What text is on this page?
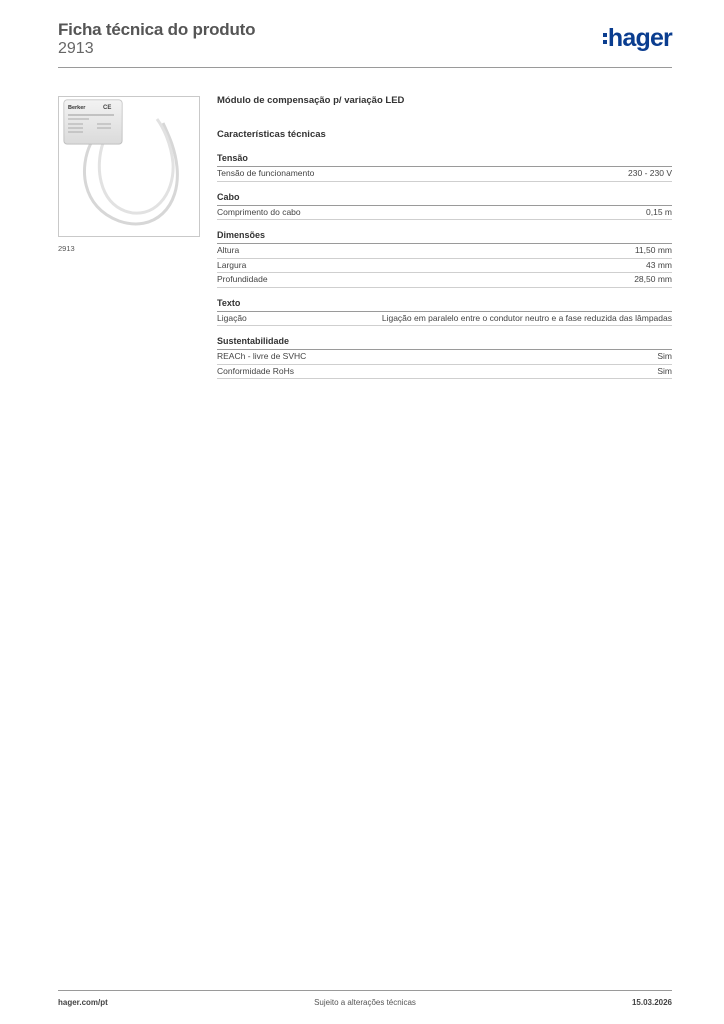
Ficha técnica do produto
2913	hager
Berker	CE
2913
Módulo de compensação p/ variação LED
Características técnicas
Tensão
Tensão de funcionamento	230 - 230 V
Cabo
Comprimento do cabo	0,15 m
Dimensões
Altura	11,50 mm
Largura	43 mm
Profundidade	28,50 mm
Texto
Ligação	Ligação em paralelo entre o condutor neutro e a fase reduzida das lâmpadas
Sustentabilidade
REACh - livre de SVHC	Sim
Conformidade RoHs	Sim
hager.com/pt	Sujeito a alterações técnicas	15.03.2026
